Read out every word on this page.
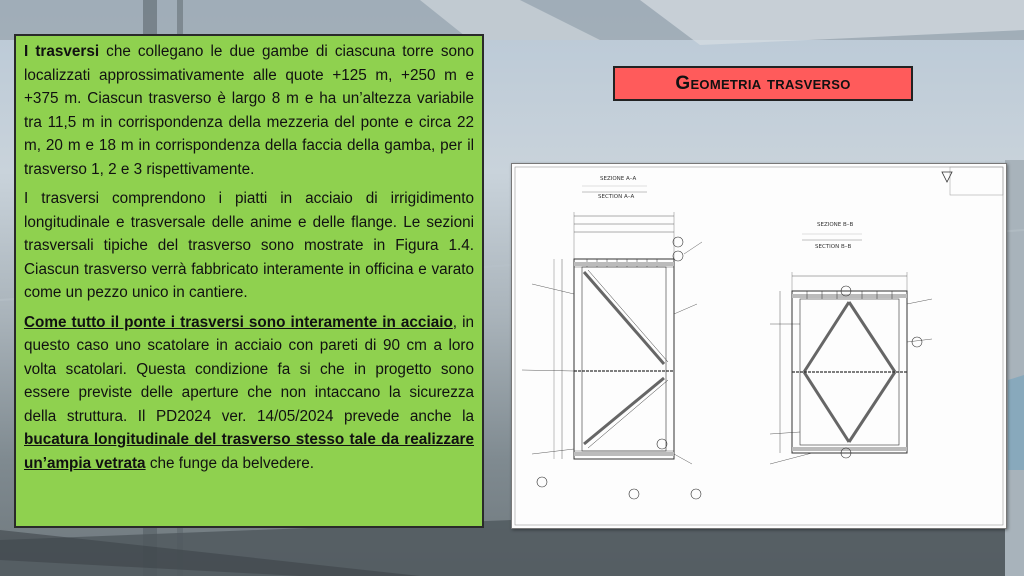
I trasversi che collegano le due gambe di ciascuna torre sono localizzati approssimativamente alle quote +125 m, +250 m e +375 m. Ciascun trasverso è largo 8 m e ha un’altezza variabile tra 11,5 m in corrispondenza della mezzeria del ponte e circa 22 m, 20 m e 18 m in corrispondenza della faccia della gamba, per il trasverso 1, 2 e 3 rispettivamente.

I trasversi comprendono i piatti in acciaio di irrigidimento longitudinale e trasversale delle anime e delle flange. Le sezioni trasversali tipiche del trasverso sono mostrate in Figura 1.4. Ciascun trasverso verrà fabbricato interamente in officina e varato come un pezzo unico in cantiere.

Come tutto il ponte i trasversi sono interamente in acciaio, in questo caso uno scatolare in acciaio con pareti di 90 cm a loro volta scatolari. Questa condizione fa si che in progetto sono essere previste delle aperture che non intaccano la sicurezza della struttura. Il PD2024 ver. 14/05/2024 prevede anche la bucatura longitudinale del trasverso stesso tale da realizzare un’ampia vetrata che funge da belvedere.

Geometria trasverso
SEZIONE A–A
SECTION A–A
SEZIONE B–B
SECTION B–B
